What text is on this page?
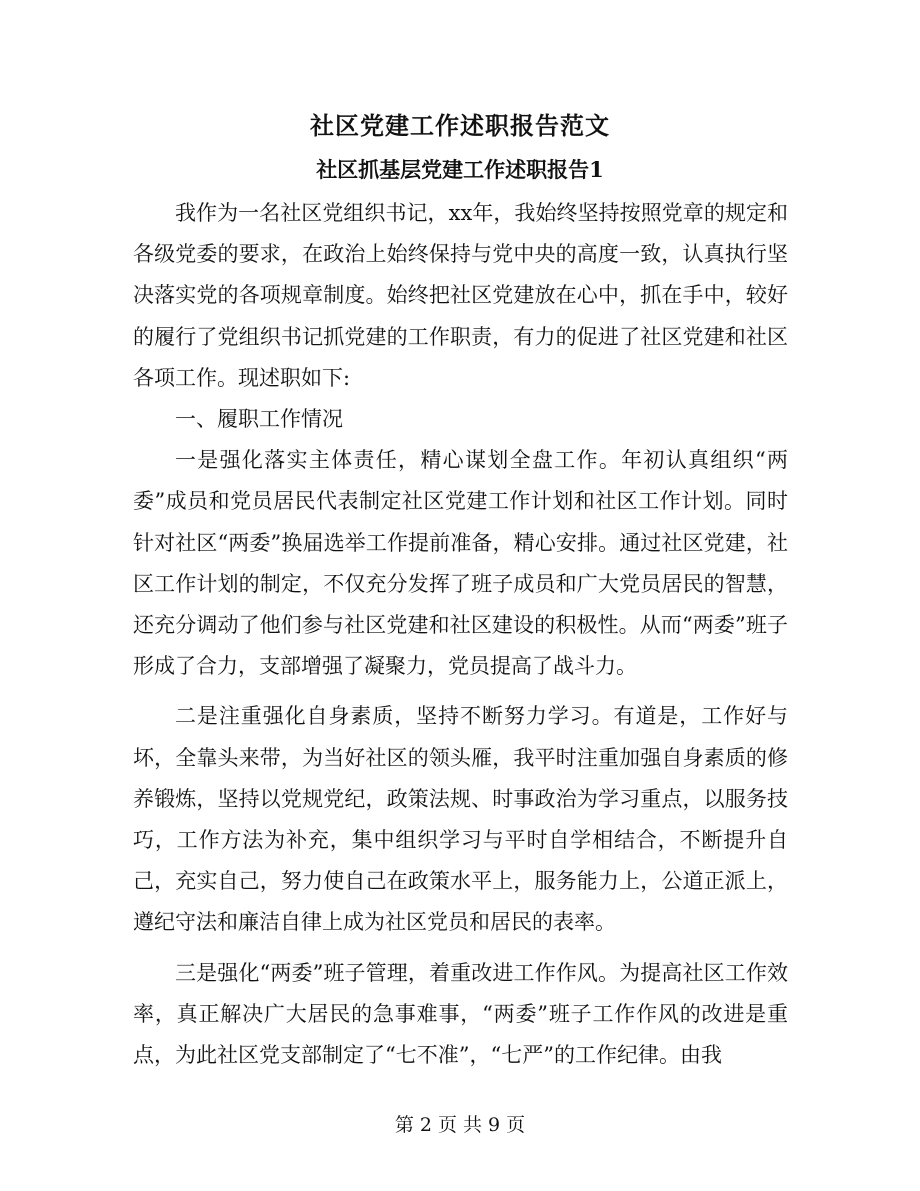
社区党建工作述职报告范文
社区抓基层党建工作述职报告1

我作为一名社区党组织书记，xx年，我始终坚持按照党章的规定和各级党委的要求，在政治上始终保持与党中央的高度一致，认真执行坚决落实党的各项规章制度。始终把社区党建放在心中，抓在手中，较好的履行了党组织书记抓党建的工作职责，有力的促进了社区党建和社区各项工作。现述职如下:

一、履职工作情况

一是强化落实主体责任，精心谋划全盘工作。年初认真组织“两委”成员和党员居民代表制定社区党建工作计划和社区工作计划。同时针对社区“两委”换届选举工作提前准备，精心安排。通过社区党建，社区工作计划的制定，不仅充分发挥了班子成员和广大党员居民的智慧，还充分调动了他们参与社区党建和社区建设的积极性。从而“两委”班子形成了合力，支部增强了凝聚力，党员提高了战斗力。

二是注重强化自身素质，坚持不断努力学习。有道是，工作好与坏，全靠头来带，为当好社区的领头雁，我平时注重加强自身素质的修养锻炼，坚持以党规党纪，政策法规、时事政治为学习重点，以服务技巧，工作方法为补充，集中组织学习与平时自学相结合，不断提升自己，充实自己，努力使自己在政策水平上，服务能力上，公道正派上，遵纪守法和廉洁自律上成为社区党员和居民的表率。

三是强化“两委”班子管理，着重改进工作作风。为提高社区工作效率，真正解决广大居民的急事难事，“两委”班子工作作风的改进是重点，为此社区党支部制定了“七不准”，“七严”的工作纪律。由我

第 2 页 共 9 页
